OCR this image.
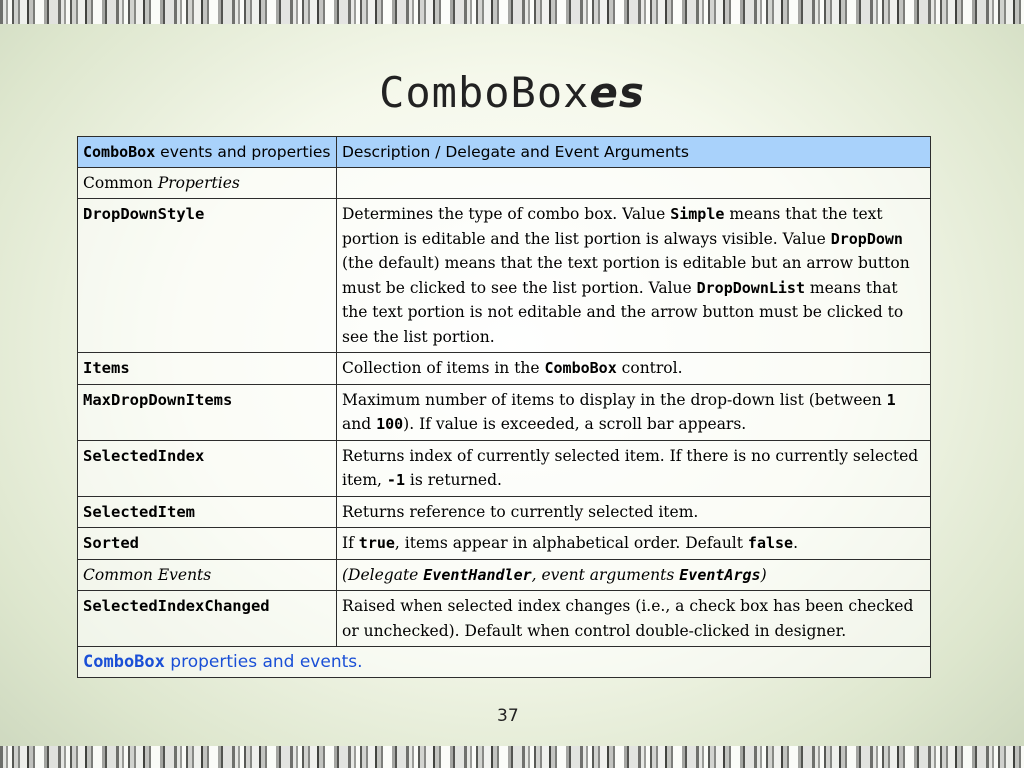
ComboBoxes
ComboBox events and properties	Description / Delegate and Event Arguments
Common Properties	
DropDownStyle	Determines the type of combo box. Value Simple means that the text portion is editable and the list portion is always visible. Value DropDown (the default) means that the text portion is editable but an arrow button must be clicked to see the list portion. Value DropDownList means that the text portion is not editable and the arrow button must be clicked to see the list portion.
Items	Collection of items in the ComboBox control.
MaxDropDownItems	Maximum number of items to display in the drop-down list (between 1 and 100). If value is exceeded, a scroll bar appears.
SelectedIndex	Returns index of currently selected item. If there is no currently selected item, -1 is returned.
SelectedItem	Returns reference to currently selected item.
Sorted	If true, items appear in alphabetical order. Default false.
Common Events	(Delegate EventHandler, event arguments EventArgs)
SelectedIndexChanged	Raised when selected index changes (i.e., a check box has been checked or unchecked). Default when control double-clicked in designer.
ComboBox properties and events.	
37
